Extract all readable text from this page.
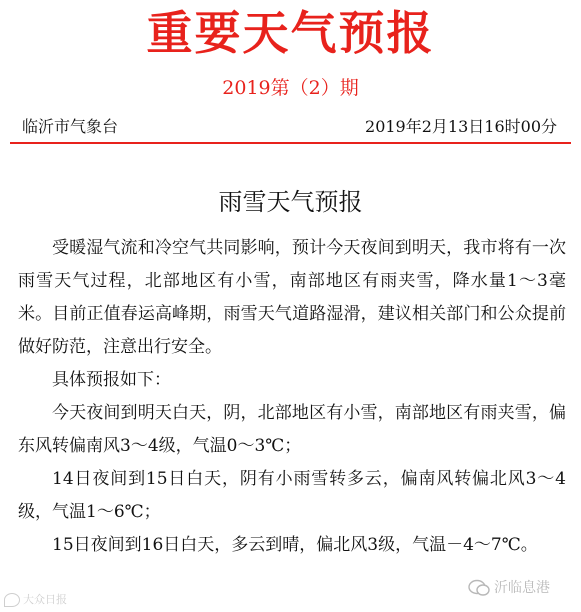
重要天气预报
2019第（2）期
临沂市气象台	2019年2月13日16时00分
雨雪天气预报

受暖湿气流和冷空气共同影响，预计今天夜间到明天，我市将有一次雨雪天气过程，北部地区有小雪，南部地区有雨夹雪，降水量1～3毫米。目前正值春运高峰期，雨雪天气道路湿滑，建议相关部门和公众提前做好防范，注意出行安全。

具体预报如下：

今天夜间到明天白天，阴，北部地区有小雪，南部地区有雨夹雪，偏东风转偏南风3～4级，气温0～3℃；

14日夜间到15日白天，阴有小雨雪转多云，偏南风转偏北风3～4级，气温1～6℃；

15日夜间到16日白天，多云到晴，偏北风3级，气温－4～7℃。

大众日报
沂临息港
